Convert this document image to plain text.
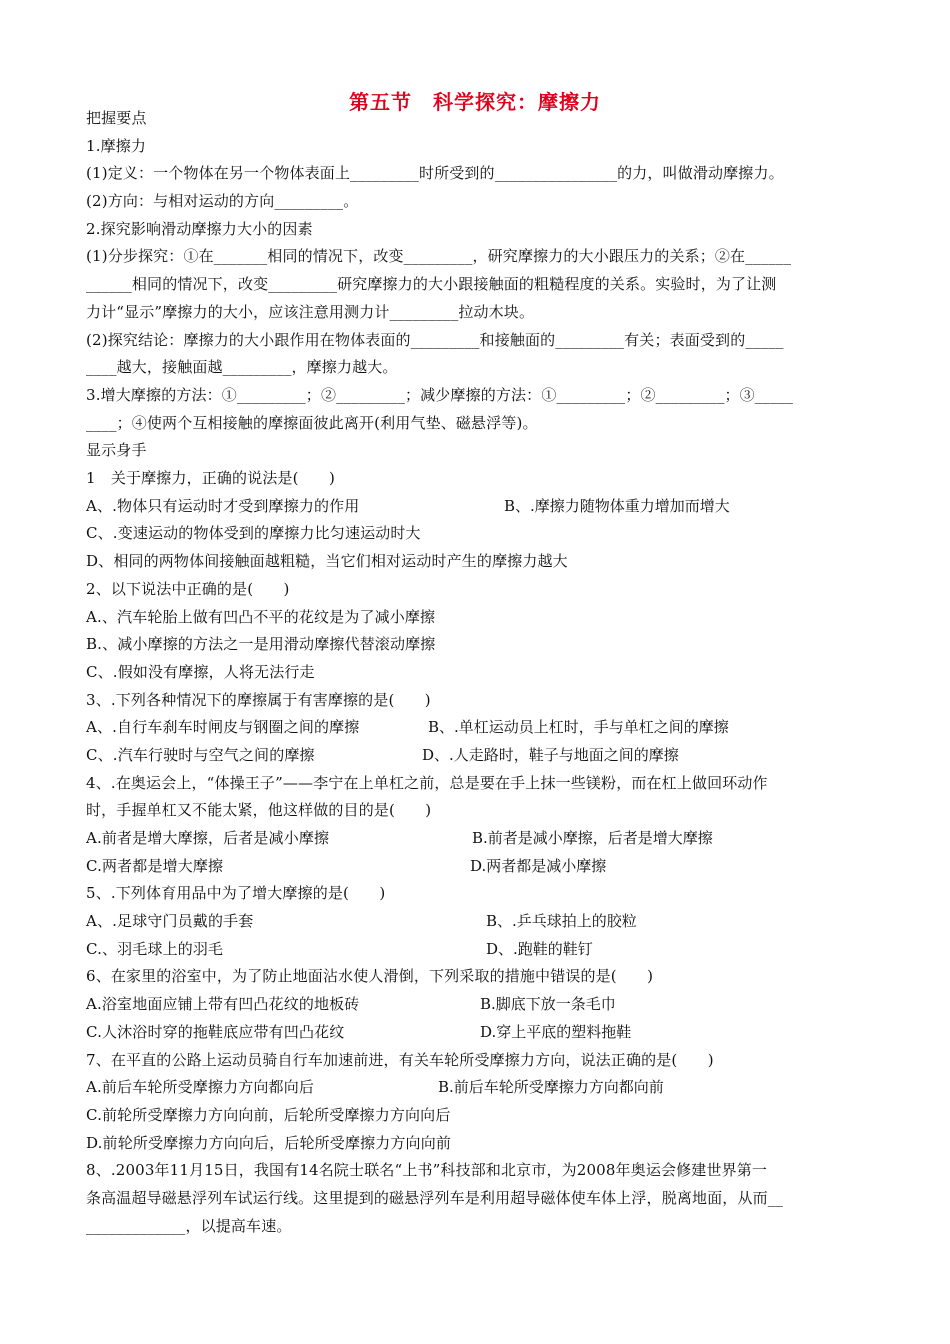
第五节　科学探究：摩擦力
把握要点
1.摩擦力
(1)定义：一个物体在另一个物体表面上_________时所受到的________________的力，叫做滑动摩擦力。
(2)方向：与相对运动的方向_________。
2.探究影响滑动摩擦力大小的因素
(1)分步探究：①在_______相同的情况下，改变_________，研究摩擦力的大小跟压力的关系；②在______
______相同的情况下，改变_________研究摩擦力的大小跟接触面的粗糙程度的关系。实验时，为了让测
力计“显示”摩擦力的大小，应该注意用测力计_________拉动木块。
(2)探究结论：摩擦力的大小跟作用在物体表面的_________和接触面的_________有关；表面受到的_____
____越大，接触面越_________，摩擦力越大。
3.增大摩擦的方法：①_________；②_________；减少摩擦的方法：①_________；②_________；③_____
____；④使两个互相接触的摩擦面彼此离开(利用气垫、磁悬浮等)。
显示身手
1　关于摩擦力，正确的说法是(　　)
A、.物体只有运动时才受到摩擦力的作用	B、.摩擦力随物体重力增加而增大
C、.变速运动的物体受到的摩擦力比匀速运动时大
D、相同的两物体间接触面越粗糙，当它们相对运动时产生的摩擦力越大
2、以下说法中正确的是(　　)
A.、汽车轮胎上做有凹凸不平的花纹是为了减小摩擦
B.、减小摩擦的方法之一是用滑动摩擦代替滚动摩擦
C、.假如没有摩擦，人将无法行走
3、.下列各种情况下的摩擦属于有害摩擦的是(　　)
A、.自行车刹车时闸皮与钢圈之间的摩擦	B、.单杠运动员上杠时，手与单杠之间的摩擦
C、.汽车行驶时与空气之间的摩擦	D、.人走路时，鞋子与地面之间的摩擦
4、.在奥运会上，“体操王子”——李宁在上单杠之前，总是要在手上抹一些镁粉，而在杠上做回环动作
时，手握单杠又不能太紧，他这样做的目的是(　　)
A.前者是增大摩擦，后者是减小摩擦	B.前者是减小摩擦，后者是增大摩擦
C.两者都是增大摩擦	D.两者都是减小摩擦
5、.下列体育用品中为了增大摩擦的是(　　)
A、.足球守门员戴的手套	B、.乒乓球拍上的胶粒
C.、羽毛球上的羽毛	D、.跑鞋的鞋钉
6、在家里的浴室中，为了防止地面沾水使人滑倒，下列采取的措施中错误的是(　　)
A.浴室地面应铺上带有凹凸花纹的地板砖	B.脚底下放一条毛巾
C.人沐浴时穿的拖鞋底应带有凹凸花纹	D.穿上平底的塑料拖鞋
7、在平直的公路上运动员骑自行车加速前进，有关车轮所受摩擦力方向，说法正确的是(　　)
A.前后车轮所受摩擦力方向都向后	B.前后车轮所受摩擦力方向都向前
C.前轮所受摩擦力方向向前，后轮所受摩擦力方向向后
D.前轮所受摩擦力方向向后，后轮所受摩擦力方向向前
8、.2003年11月15日，我国有14名院士联名“上书”科技部和北京市，为2008年奥运会修建世界第一
条高温超导磁悬浮列车试运行线。这里提到的磁悬浮列车是利用超导磁体使车体上浮，脱离地面，从而__
_____________，以提高车速。
